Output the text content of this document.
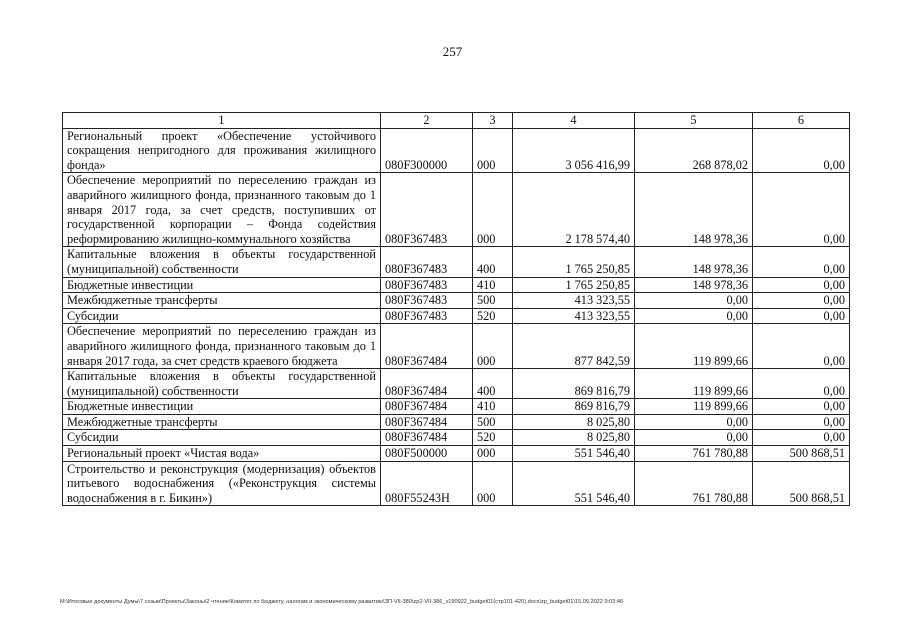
257
1	2	3	4	5	6
Региональный проект «Обеспечение устойчивого сокращения непригодного для проживания жилищного фонда»	080F300000	000	3 056 416,99	268 878,02	0,00
Обеспечение мероприятий по переселению граждан из аварийного жилищного фонда, признанного таковым до 1 января 2017 года, за счет средств, поступивших от государственной корпорации – Фонда содействия реформированию жилищно-коммунального хозяйства	080F367483	000	2 178 574,40	148 978,36	0,00
Капитальные вложения в объекты государственной (муниципальной) собственности	080F367483	400	1 765 250,85	148 978,36	0,00
Бюджетные инвестиции	080F367483	410	1 765 250,85	148 978,36	0,00
Межбюджетные трансферты	080F367483	500	413 323,55	0,00	0,00
Субсидии	080F367483	520	413 323,55	0,00	0,00
Обеспечение мероприятий по переселению граждан из аварийного жилищного фонда, признанного таковым до 1 января 2017 года, за счет средств краевого бюджета	080F367484	000	877 842,59	119 899,66	0,00
Капитальные вложения в объекты государственной (муниципальной) собственности	080F367484	400	869 816,79	119 899,66	0,00
Бюджетные инвестиции	080F367484	410	869 816,79	119 899,66	0,00
Межбюджетные трансферты	080F367484	500	8 025,80	0,00	0,00
Субсидии	080F367484	520	8 025,80	0,00	0,00
Региональный проект «Чистая вода»	080F500000	000	551 546,40	761 780,88	500 868,51
Строительство и реконструкция (модернизация) объектов питьевого водоснабжения («Реконструкция системы водоснабжения в г. Бикин»)	080F55243Н	000	551 546,40	761 780,88	500 868,51
M:\Итоговые документы Думы\7 созыв\Проекты\Законы\2 чтение\Комитет по бюджету, налогам и экономическому развитию\ЗП-VII-380\zp2-VII-386_v190922_budget01(стр101-420).docx\zp_budget01\15.09.2022 9:03:46
